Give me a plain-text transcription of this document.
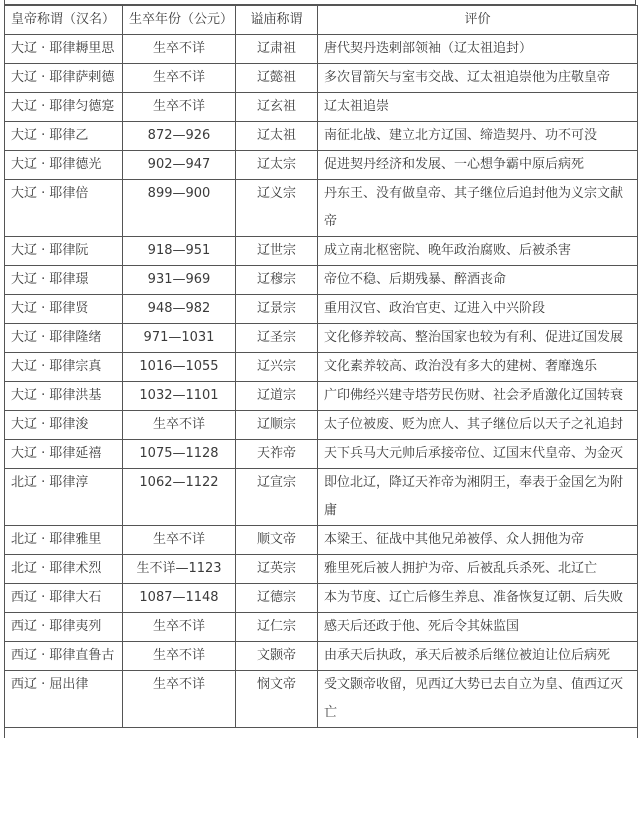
皇帝称谓（汉名）	生卒年份（公元）	谥庙称谓	评价
大辽 · 耶律耨里思	生卒不详	辽肃祖	唐代契丹迭剌部领袖（辽太祖追封）
大辽 · 耶律萨剌德	生卒不详	辽懿祖	多次冒箭矢与室韦交战、辽太祖追崇他为庄敬皇帝
大辽 · 耶律匀德寔	生卒不详	辽玄祖	辽太祖追崇
大辽 · 耶律乙	872—926	辽太祖	南征北战、建立北方辽国、缔造契丹、功不可没
大辽 · 耶律德光	902—947	辽太宗	促进契丹经济和发展、一心想争霸中原后病死
大辽 · 耶律倍	899—900	辽义宗	丹东王、没有做皇帝、其子继位后追封他为义宗文献帝
大辽 · 耶律阮	918—951	辽世宗	成立南北枢密院、晚年政治腐败、后被杀害
大辽 · 耶律璟	931—969	辽穆宗	帝位不稳、后期残暴、醉酒丧命
大辽 · 耶律贤	948—982	辽景宗	重用汉官、政治官吏、辽进入中兴阶段
大辽 · 耶律隆绪	971—1031	辽圣宗	文化修养较高、整治国家也较为有利、促进辽国发展
大辽 · 耶律宗真	1016—1055	辽兴宗	文化素养较高、政治没有多大的建树、奢靡逸乐
大辽 · 耶律洪基	1032—1101	辽道宗	广印佛经兴建寺塔劳民伤财、社会矛盾激化辽国转衰
大辽 · 耶律浚	生卒不详	辽顺宗	太子位被废、贬为庶人、其子继位后以天子之礼追封
大辽 · 耶律延禧	1075—1128	天祚帝	天下兵马大元帅后承接帝位、辽国末代皇帝、为金灭
北辽 · 耶律淳	1062—1122	辽宣宗	即位北辽，降辽天祚帝为湘阴王，奉表于金国乞为附庸
北辽 · 耶律雅里	生卒不详	顺文帝	本梁王、征战中其他兄弟被俘、众人拥他为帝
北辽 · 耶律术烈	生不详—1123	辽英宗	雅里死后被人拥护为帝、后被乱兵杀死、北辽亡
西辽 · 耶律大石	1087—1148	辽德宗	本为节度、辽亡后修生养息、准备恢复辽朝、后失败
西辽 · 耶律夷列	生卒不详	辽仁宗	感天后还政于他、死后令其妹监国
西辽 · 耶律直鲁古	生卒不详	文颢帝	由承天后执政，承天后被杀后继位被迫让位后病死
西辽 · 屈出律	生卒不详	悯文帝	受文颢帝收留，见西辽大势已去自立为皇、值西辽灭亡
